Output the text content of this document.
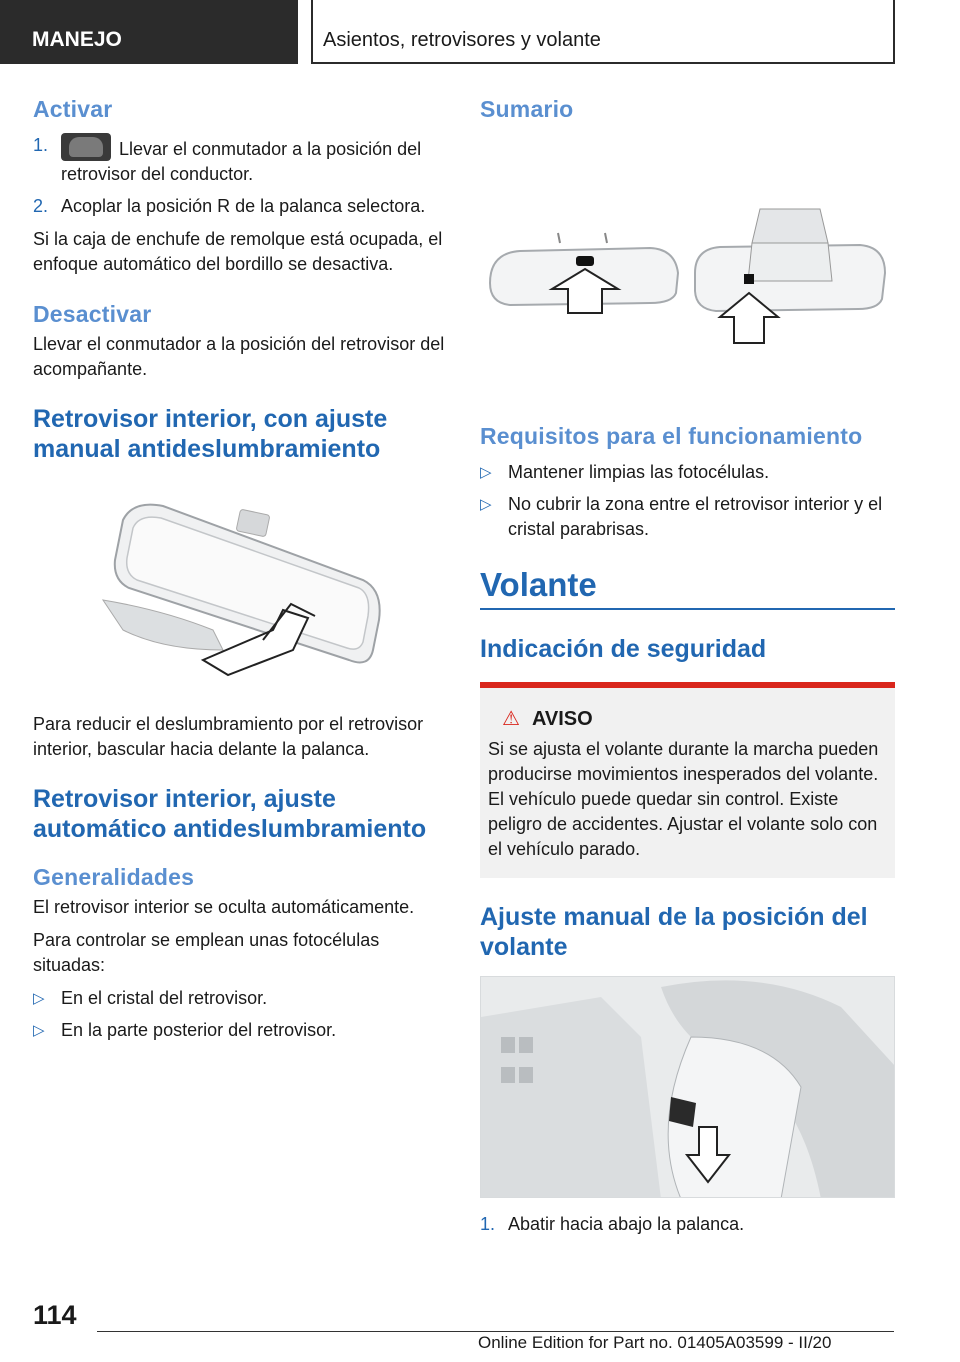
MANEJO	Asientos, retrovisores y volante
Activar
1.	Llevar el conmutador a la posición del retrovisor del conductor.
2. Acoplar la posición R de la palanca selectora.

Si la caja de enchufe de remolque está ocupada, el enfoque automático del bordillo se desactiva.

Desactivar

Llevar el conmutador a la posición del retrovisor del acompañante.

Retrovisor interior, con ajuste manual antideslumbramiento

Para reducir el deslumbramiento por el retrovisor interior, bascular hacia delante la palanca.

Retrovisor interior, ajuste automático antideslumbramiento
Generalidades

El retrovisor interior se oculta automáticamente.

Para controlar se emplean unas fotocélulas situadas:

▷ En el cristal del retrovisor.
▷ En la parte posterior del retrovisor.
Sumario
Requisitos para el funcionamiento
▷ Mantener limpias las fotocélulas.
▷ No cubrir la zona entre el retrovisor interior y el cristal parabrisas.
Volante
Indicación de seguridad
⚠ AVISO

Si se ajusta el volante durante la marcha pueden producirse movimientos inesperados del volante. El vehículo puede quedar sin control. Existe peligro de accidentes. Ajustar el volante solo con el vehículo parado.

Ajuste manual de la posición del volante
1. Abatir hacia abajo la palanca.
114
Online Edition for Part no. 01405A03599 - II/20
